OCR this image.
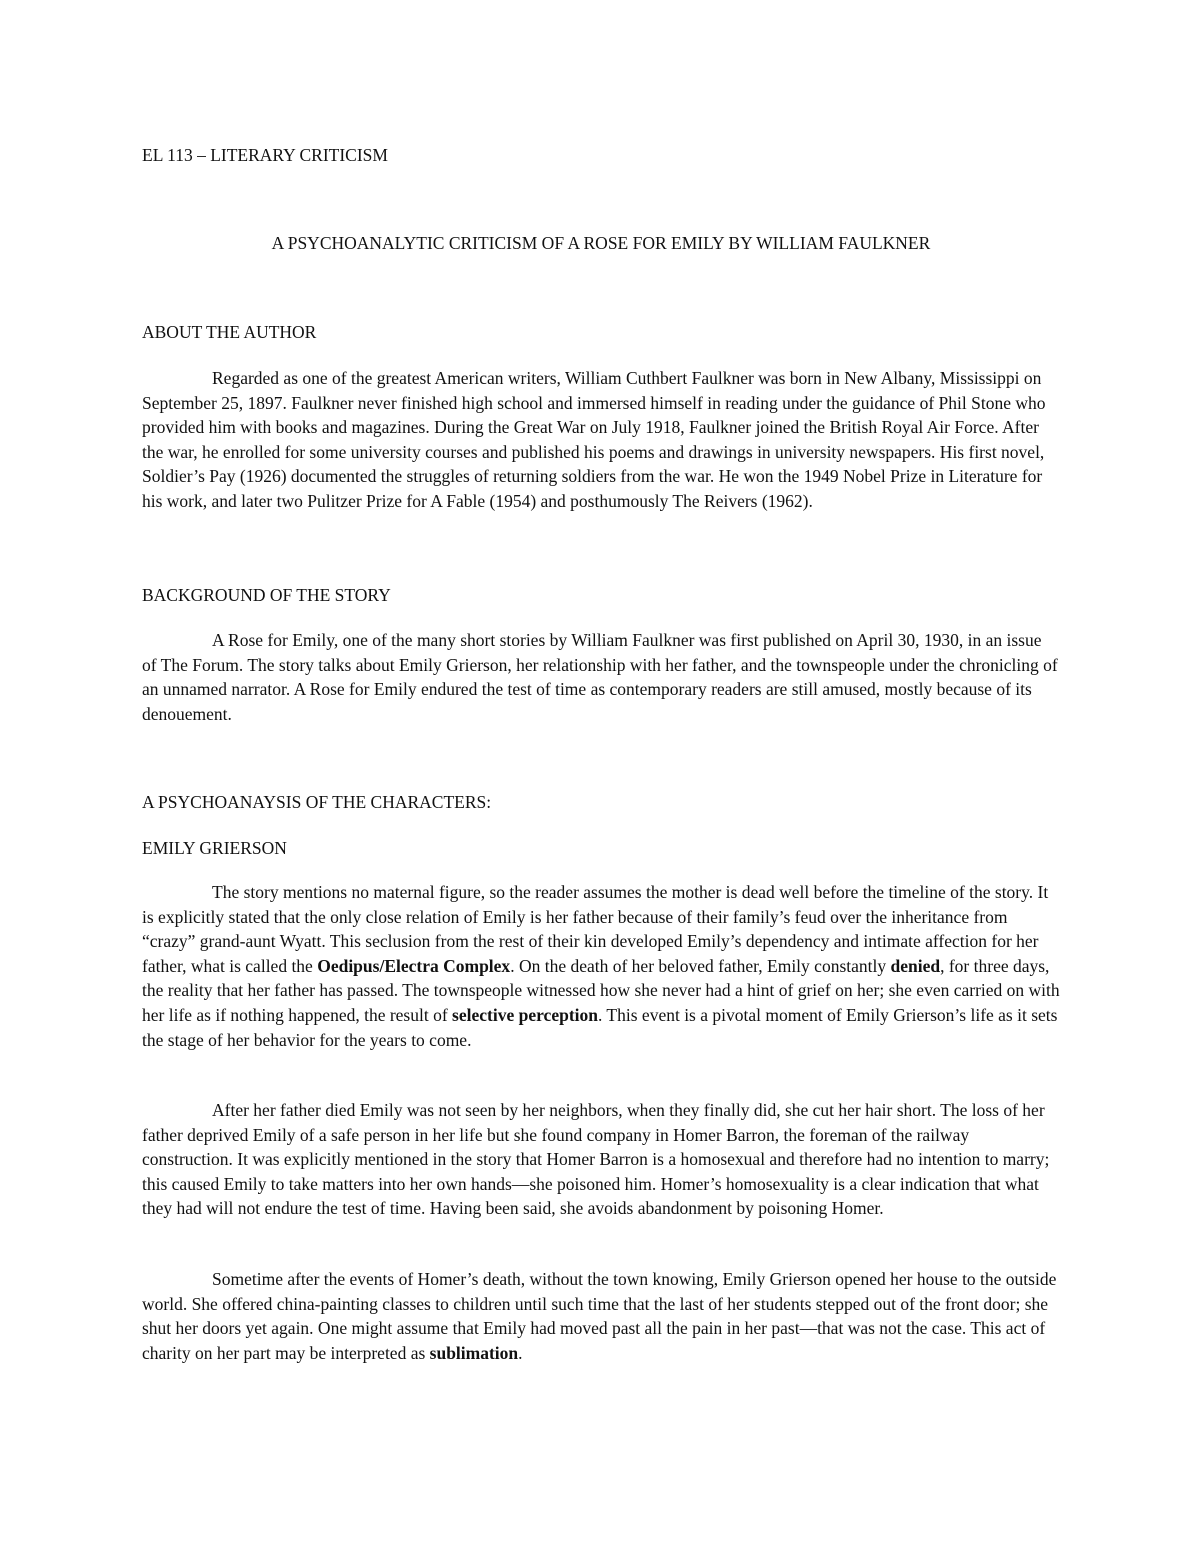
EL 113 – LITERARY CRITICISM

A PSYCHOANALYTIC CRITICISM OF A ROSE FOR EMILY BY WILLIAM FAULKNER

ABOUT THE AUTHOR

Regarded as one of the greatest American writers, William Cuthbert Faulkner was born in New Albany, Mississippi on September 25, 1897. Faulkner never finished high school and immersed himself in reading under the guidance of Phil Stone who provided him with books and magazines. During the Great War on July 1918, Faulkner joined the British Royal Air Force. After the war, he enrolled for some university courses and published his poems and drawings in university newspapers. His first novel, Soldier’s Pay (1926) documented the struggles of returning soldiers from the war. He won the 1949 Nobel Prize in Literature for his work, and later two Pulitzer Prize for A Fable (1954) and posthumously The Reivers (1962).

BACKGROUND OF THE STORY

A Rose for Emily, one of the many short stories by William Faulkner was first published on April 30, 1930, in an issue of The Forum. The story talks about Emily Grierson, her relationship with her father, and the townspeople under the chronicling of an unnamed narrator. A Rose for Emily endured the test of time as contemporary readers are still amused, mostly because of its denouement.

A PSYCHOANAYSIS OF THE CHARACTERS:

EMILY GRIERSON

The story mentions no maternal figure, so the reader assumes the mother is dead well before the timeline of the story. It is explicitly stated that the only close relation of Emily is her father because of their family’s feud over the inheritance from “crazy” grand-aunt Wyatt. This seclusion from the rest of their kin developed Emily’s dependency and intimate affection for her father, what is called the Oedipus/Electra Complex. On the death of her beloved father, Emily constantly denied, for three days, the reality that her father has passed. The townspeople witnessed how she never had a hint of grief on her; she even carried on with her life as if nothing happened, the result of selective perception. This event is a pivotal moment of Emily Grierson’s life as it sets the stage of her behavior for the years to come.

After her father died Emily was not seen by her neighbors, when they finally did, she cut her hair short. The loss of her father deprived Emily of a safe person in her life but she found company in Homer Barron, the foreman of the railway construction. It was explicitly mentioned in the story that Homer Barron is a homosexual and therefore had no intention to marry; this caused Emily to take matters into her own hands—she poisoned him. Homer’s homosexuality is a clear indication that what they had will not endure the test of time. Having been said, she avoids abandonment by poisoning Homer.

Sometime after the events of Homer’s death, without the town knowing, Emily Grierson opened her house to the outside world. She offered china-painting classes to children until such time that the last of her students stepped out of the front door; she shut her doors yet again. One might assume that Emily had moved past all the pain in her past—that was not the case. This act of charity on her part may be interpreted as sublimation.
